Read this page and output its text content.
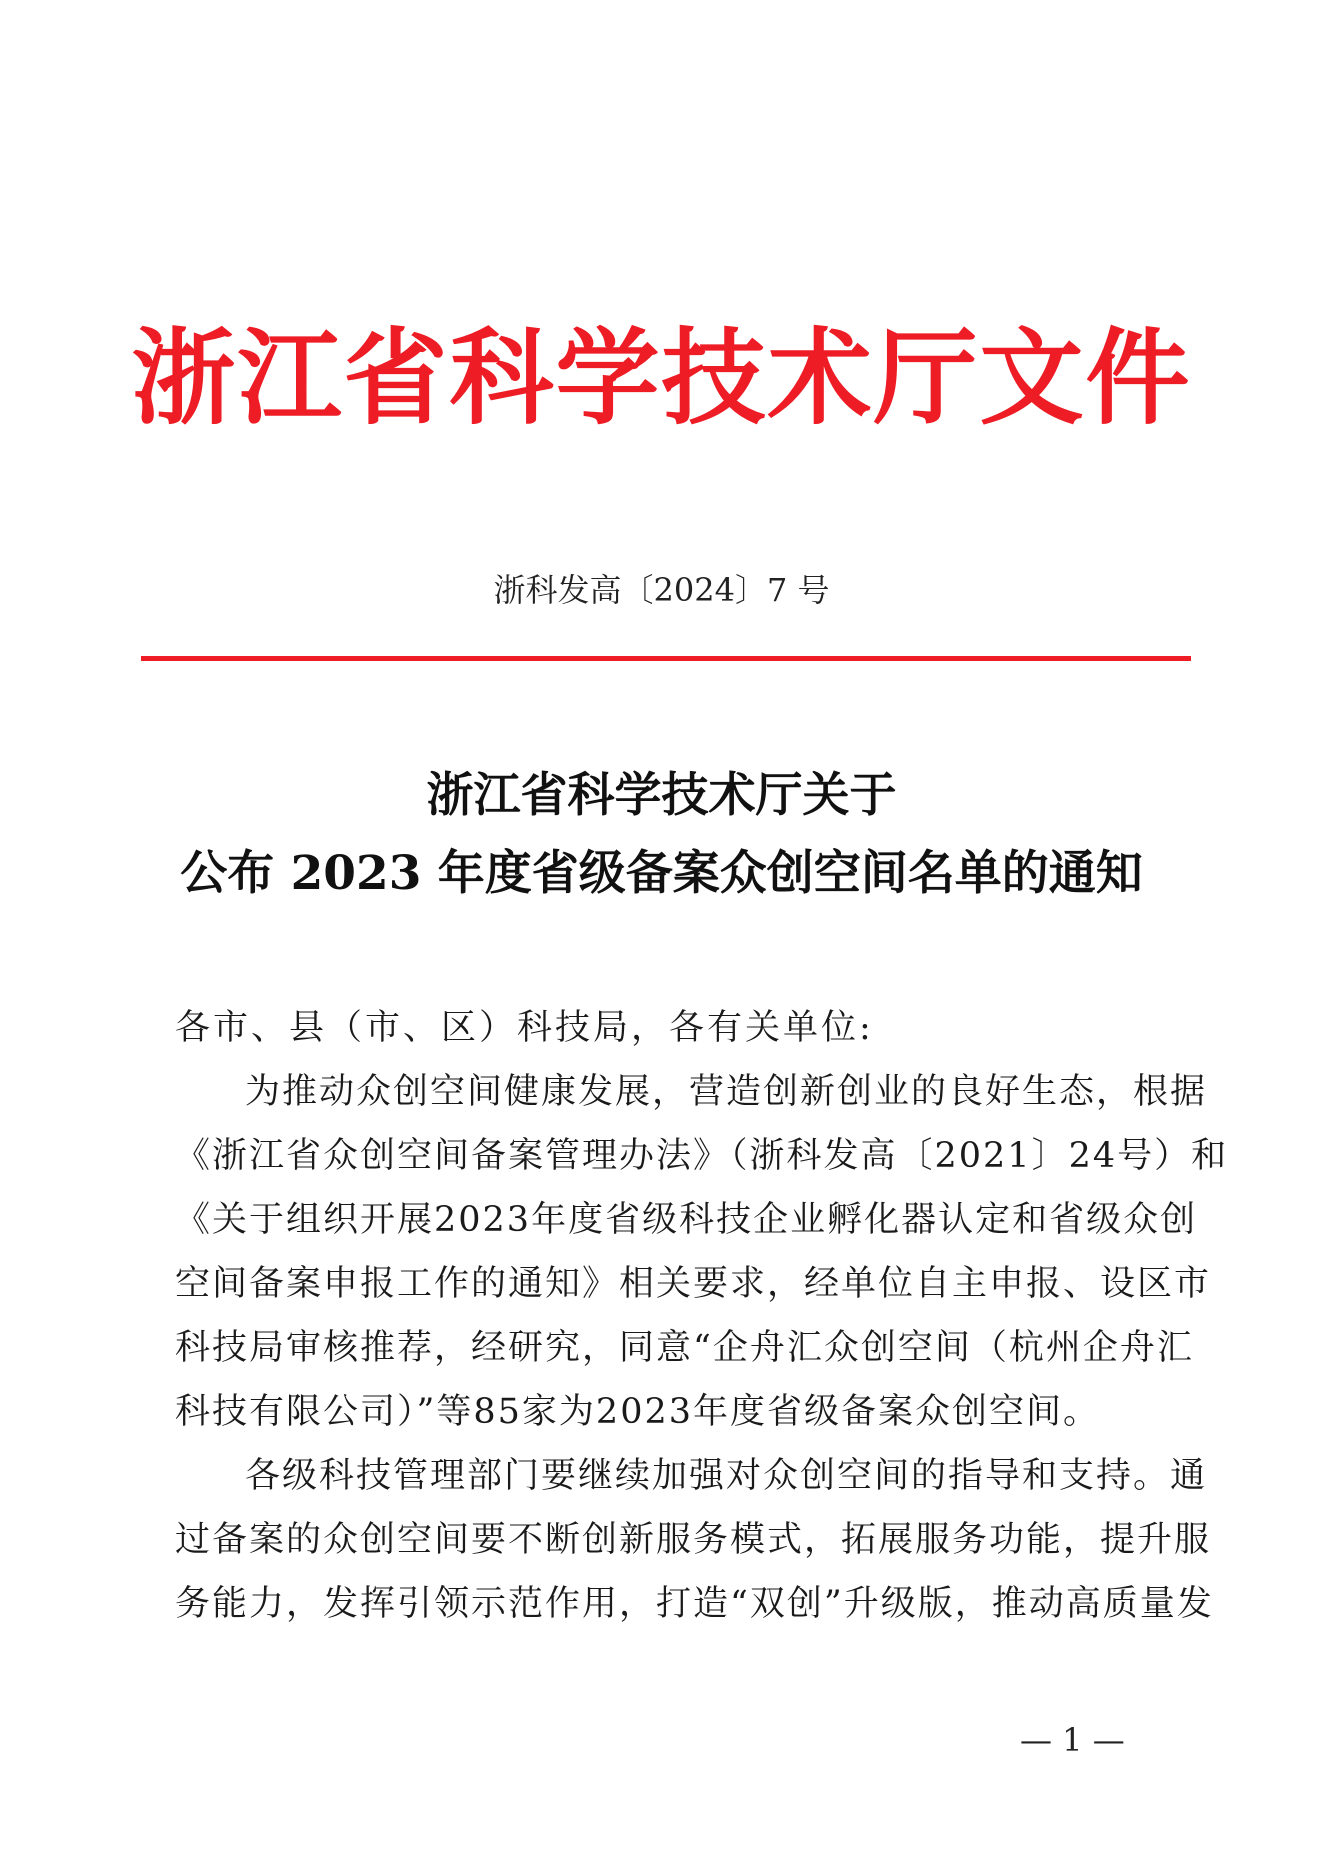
浙江省科学技术厅文件
浙科发高〔2024〕7 号
浙江省科学技术厅关于
公布 2023 年度省级备案众创空间名单的通知
各市、县（市、区）科技局，各有关单位:
为推动众创空间健康发展，营造创新创业的良好生态，根据
《浙江省众创空间备案管理办法》（浙科发高〔2021〕24号）和
《关于组织开展2023年度省级科技企业孵化器认定和省级众创
空间备案申报工作的通知》相关要求，经单位自主申报、设区市
科技局审核推荐，经研究，同意“企舟汇众创空间（杭州企舟汇
科技有限公司）”等85家为2023年度省级备案众创空间。
各级科技管理部门要继续加强对众创空间的指导和支持。通
过备案的众创空间要不断创新服务模式，拓展服务功能，提升服
务能力，发挥引领示范作用，打造“双创”升级版，推动高质量发
— 1 —
